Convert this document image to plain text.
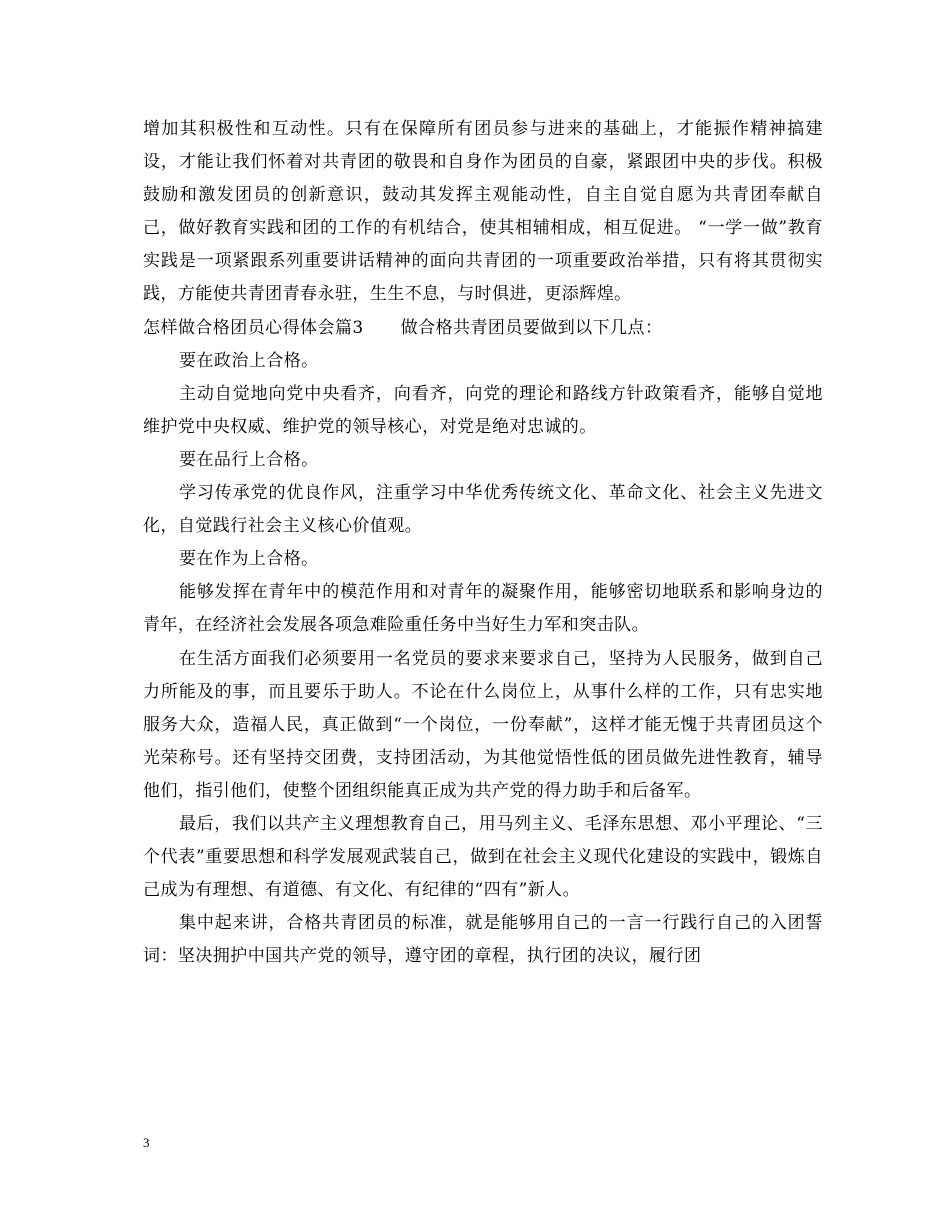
增加其积极性和互动性。只有在保障所有团员参与进来的基础上，才能振作精神搞建设，才能让我们怀着对共青团的敬畏和自身作为团员的自豪，紧跟团中央的步伐。积极鼓励和激发团员的创新意识，鼓动其发挥主观能动性，自主自觉自愿为共青团奉献自己，做好教育实践和团的工作的有机结合，使其相辅相成，相互促进。 “一学一做”教育实践是一项紧跟系列重要讲话精神的面向共青团的一项重要政治举措，只有将其贯彻实践，方能使共青团青春永驻，生生不息，与时俱进，更添辉煌。

怎样做合格团员心得体会篇3 做合格共青团员要做到以下几点：

要在政治上合格。

主动自觉地向党中央看齐，向看齐，向党的理论和路线方针政策看齐，能够自觉地维护党中央权威、维护党的领导核心，对党是绝对忠诚的。

要在品行上合格。

学习传承党的优良作风，注重学习中华优秀传统文化、革命文化、社会主义先进文化，自觉践行社会主义核心价值观。

要在作为上合格。

能够发挥在青年中的模范作用和对青年的凝聚作用，能够密切地联系和影响身边的青年，在经济社会发展各项急难险重任务中当好生力军和突击队。

在生活方面我们必须要用一名党员的要求来要求自己，坚持为人民服务，做到自己力所能及的事，而且要乐于助人。不论在什么岗位上，从事什么样的工作，只有忠实地服务大众，造福人民，真正做到“一个岗位，一份奉献”，这样才能无愧于共青团员这个光荣称号。还有坚持交团费，支持团活动，为其他觉悟性低的团员做先进性教育，辅导他们，指引他们，使整个团组织能真正成为共产党的得力助手和后备军。

最后，我们以共产主义理想教育自己，用马列主义、毛泽东思想、邓小平理论、“三个代表”重要思想和科学发展观武装自己，做到在社会主义现代化建设的实践中，锻炼自己成为有理想、有道德、有文化、有纪律的“四有”新人。

集中起来讲，合格共青团员的标准，就是能够用自己的一言一行践行自己的入团誓词：坚决拥护中国共产党的领导，遵守团的章程，执行团的决议，履行团

3
